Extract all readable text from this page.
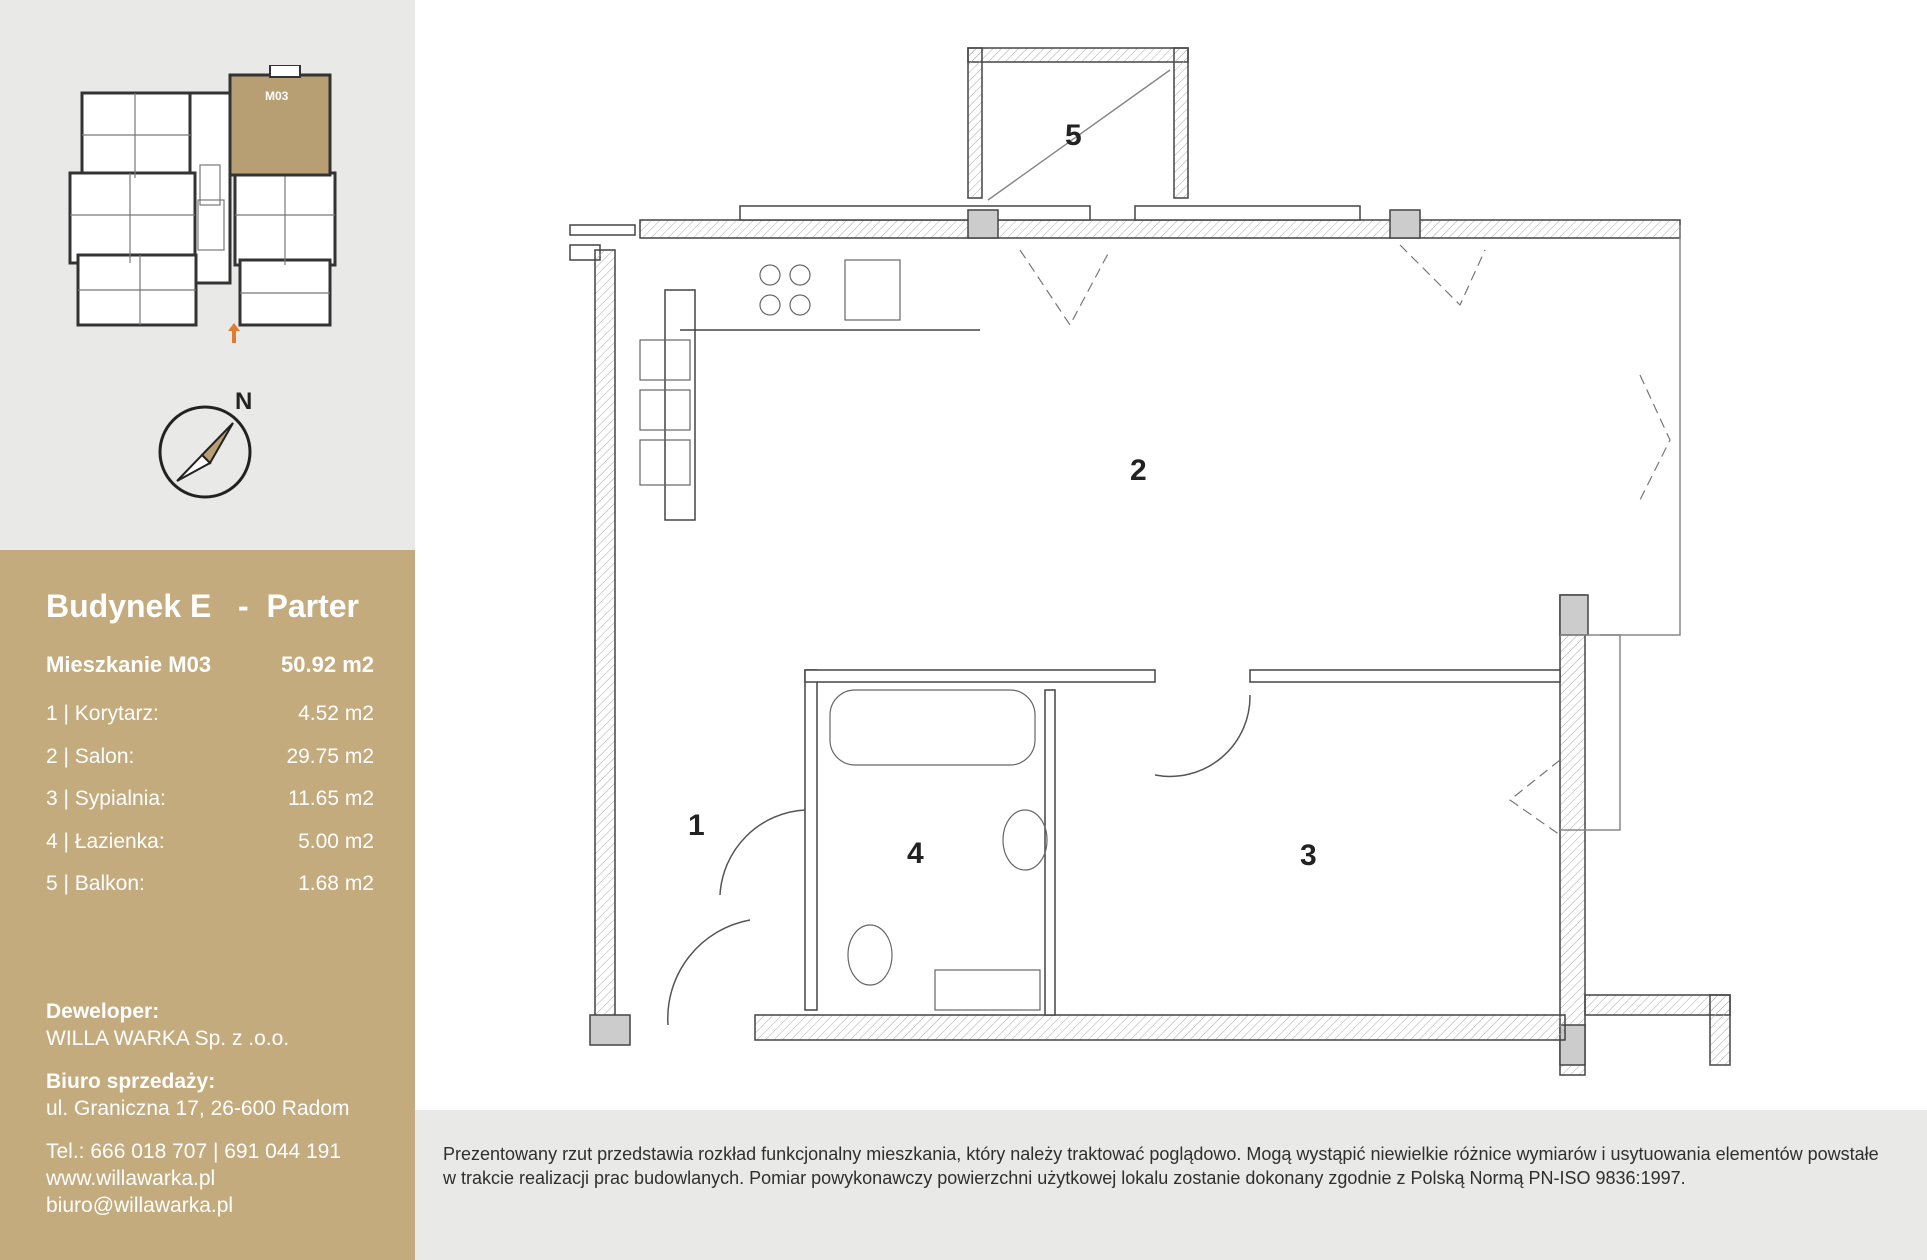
M03
N
Budynek E   -  Parter
Mieszkanie M03	50.92 m2
1 | Korytarz:	4.52 m2
2 | Salon:	29.75 m2
3 | Sypialnia:	11.65 m2
4 | Łazienka:	5.00 m2
5 | Balkon:	1.68 m2
Deweloper:
WILLA WARKA Sp. z .o.o.
Biuro sprzedaży:
ul. Graniczna 17, 26-600 Radom
Tel.: 666 018 707 | 691 044 191
www.willawarka.pl
biuro@willawarka.pl
1
2
3
4
5

Prezentowany rzut przedstawia rozkład funkcjonalny mieszkania, który należy traktować poglądowo. Mogą wystąpić niewielkie różnice wymiarów i usytuowania elementów powstałe w trakcie realizacji prac budowlanych. Pomiar powykonawczy powierzchni użytkowej lokalu zostanie dokonany zgodnie z Polską Normą PN-ISO 9836:1997.
